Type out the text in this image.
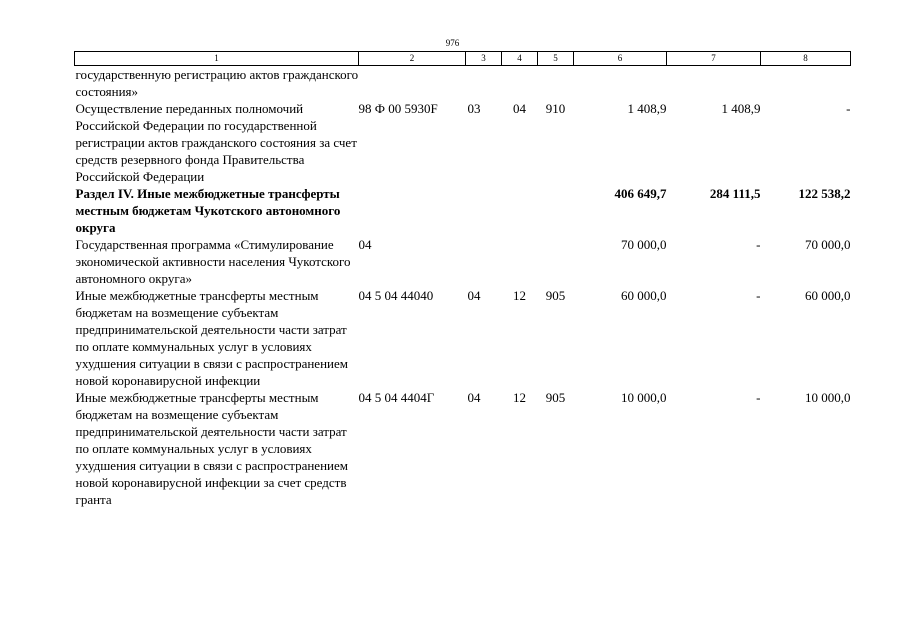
976
1	2	3	4	5	6	7	8
государственную регистрацию актов гражданского состояния»							
Осуществление переданных полномочий Российской Федерации по государственной регистрации актов гражданского состояния за счет средств резервного фонда Правительства Российской Федерации	98 Ф 00 5930F	03	04	910	1 408,9	1 408,9	-
Раздел IV. Иные межбюджетные трансферты местным бюджетам Чукотского автономного округа					406 649,7	284 111,5	122 538,2
Государственная программа «Стимулирование экономической активности населения Чукотского автономного округа»	04				70 000,0	-	70 000,0
Иные межбюджетные трансферты местным бюджетам на возмещение субъектам предпринимательской деятельности части затрат по оплате коммунальных услуг в условиях ухудшения ситуации в связи с распространением новой коронавирусной инфекции	04 5 04 44040	04	12	905	60 000,0	-	60 000,0
Иные межбюджетные трансферты местным бюджетам на возмещение субъектам предпринимательской деятельности части затрат по оплате коммунальных услуг в условиях ухудшения ситуации в связи с распространением новой коронавирусной инфекции за счет средств гранта	04 5 04 4404Г	04	12	905	10 000,0	-	10 000,0
